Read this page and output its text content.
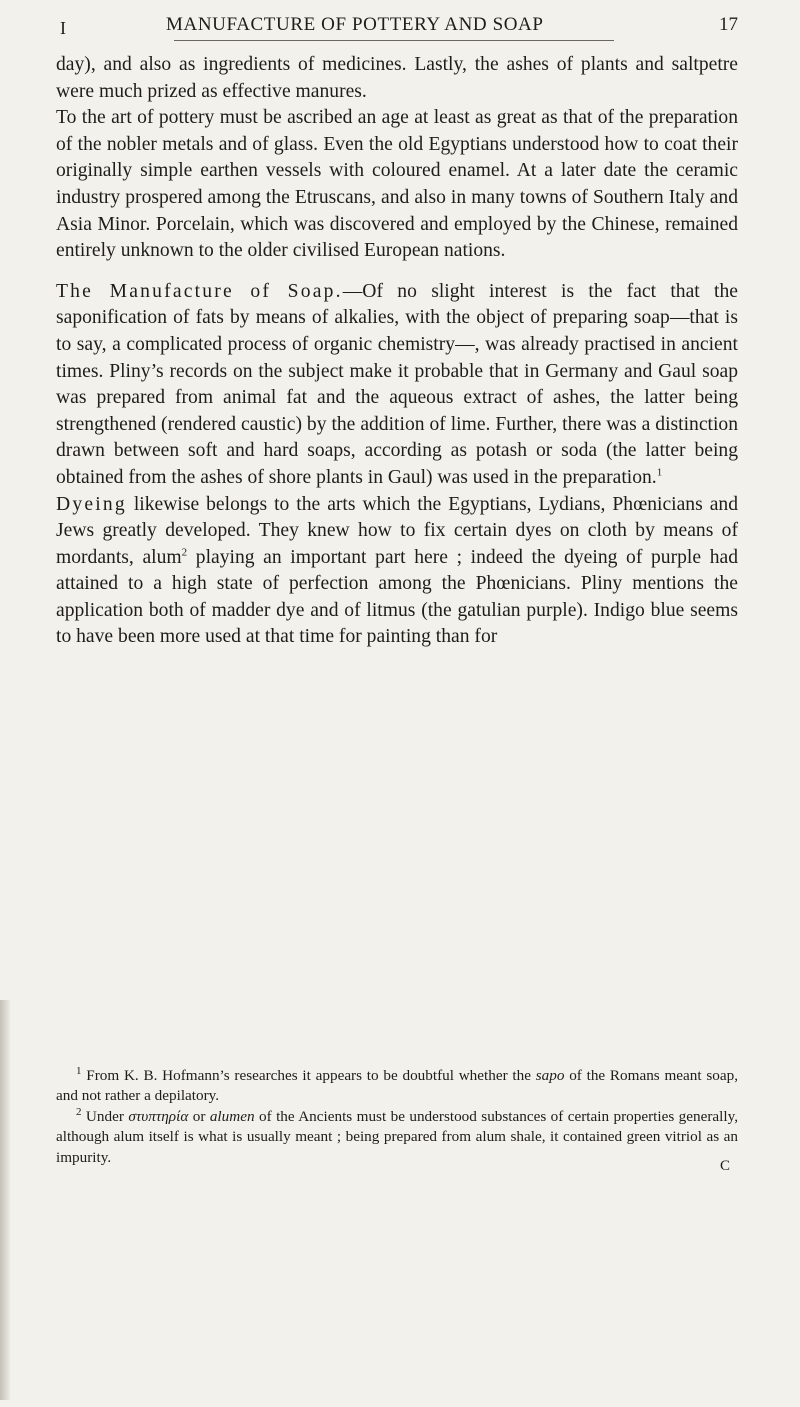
I	MANUFACTURE OF POTTERY AND SOAP	17

day), and also as ingredients of medicines. Lastly, the ashes of plants and saltpetre were much prized as effective manures.

To the art of pottery must be ascribed an age at least as great as that of the preparation of the nobler metals and of glass. Even the old Egyptians understood how to coat their originally simple earthen vessels with coloured enamel. At a later date the ceramic industry prospered among the Etruscans, and also in many towns of Southern Italy and Asia Minor. Porcelain, which was discovered and employed by the Chinese, remained entirely unknown to the older civilised European nations.

The Manufacture of Soap.—Of no slight interest is the fact that the saponification of fats by means of alkalies, with the object of preparing soap—that is to say, a complicated process of organic chemistry—, was already practised in ancient times. Pliny’s records on the subject make it probable that in Germany and Gaul soap was prepared from animal fat and the aqueous extract of ashes, the latter being strengthened (rendered caustic) by the addition of lime. Further, there was a distinction drawn between soft and hard soaps, according as potash or soda (the latter being obtained from the ashes of shore plants in Gaul) was used in the preparation.$^1$

Dyeing likewise belongs to the arts which the Egyptians, Lydians, Phœnicians and Jews greatly developed. They knew how to fix certain dyes on cloth by means of mordants, alum$^2$ playing an important part here ; indeed the dyeing of purple had attained to a high state of perfection among the Phœnicians. Pliny mentions the application both of madder dye and of litmus (the gatulian purple). Indigo blue seems to have been more used at that time for painting than for

$^1$ From K. B. Hofmann’s researches it appears to be doubtful whether the sapo of the Romans meant soap, and not rather a depilatory.

$^2$ Under στυπτηρία or alumen of the Ancients must be understood substances of certain properties generally, although alum itself is what is usually meant ; being prepared from alum shale, it contained green vitriol as an impurity.

C
